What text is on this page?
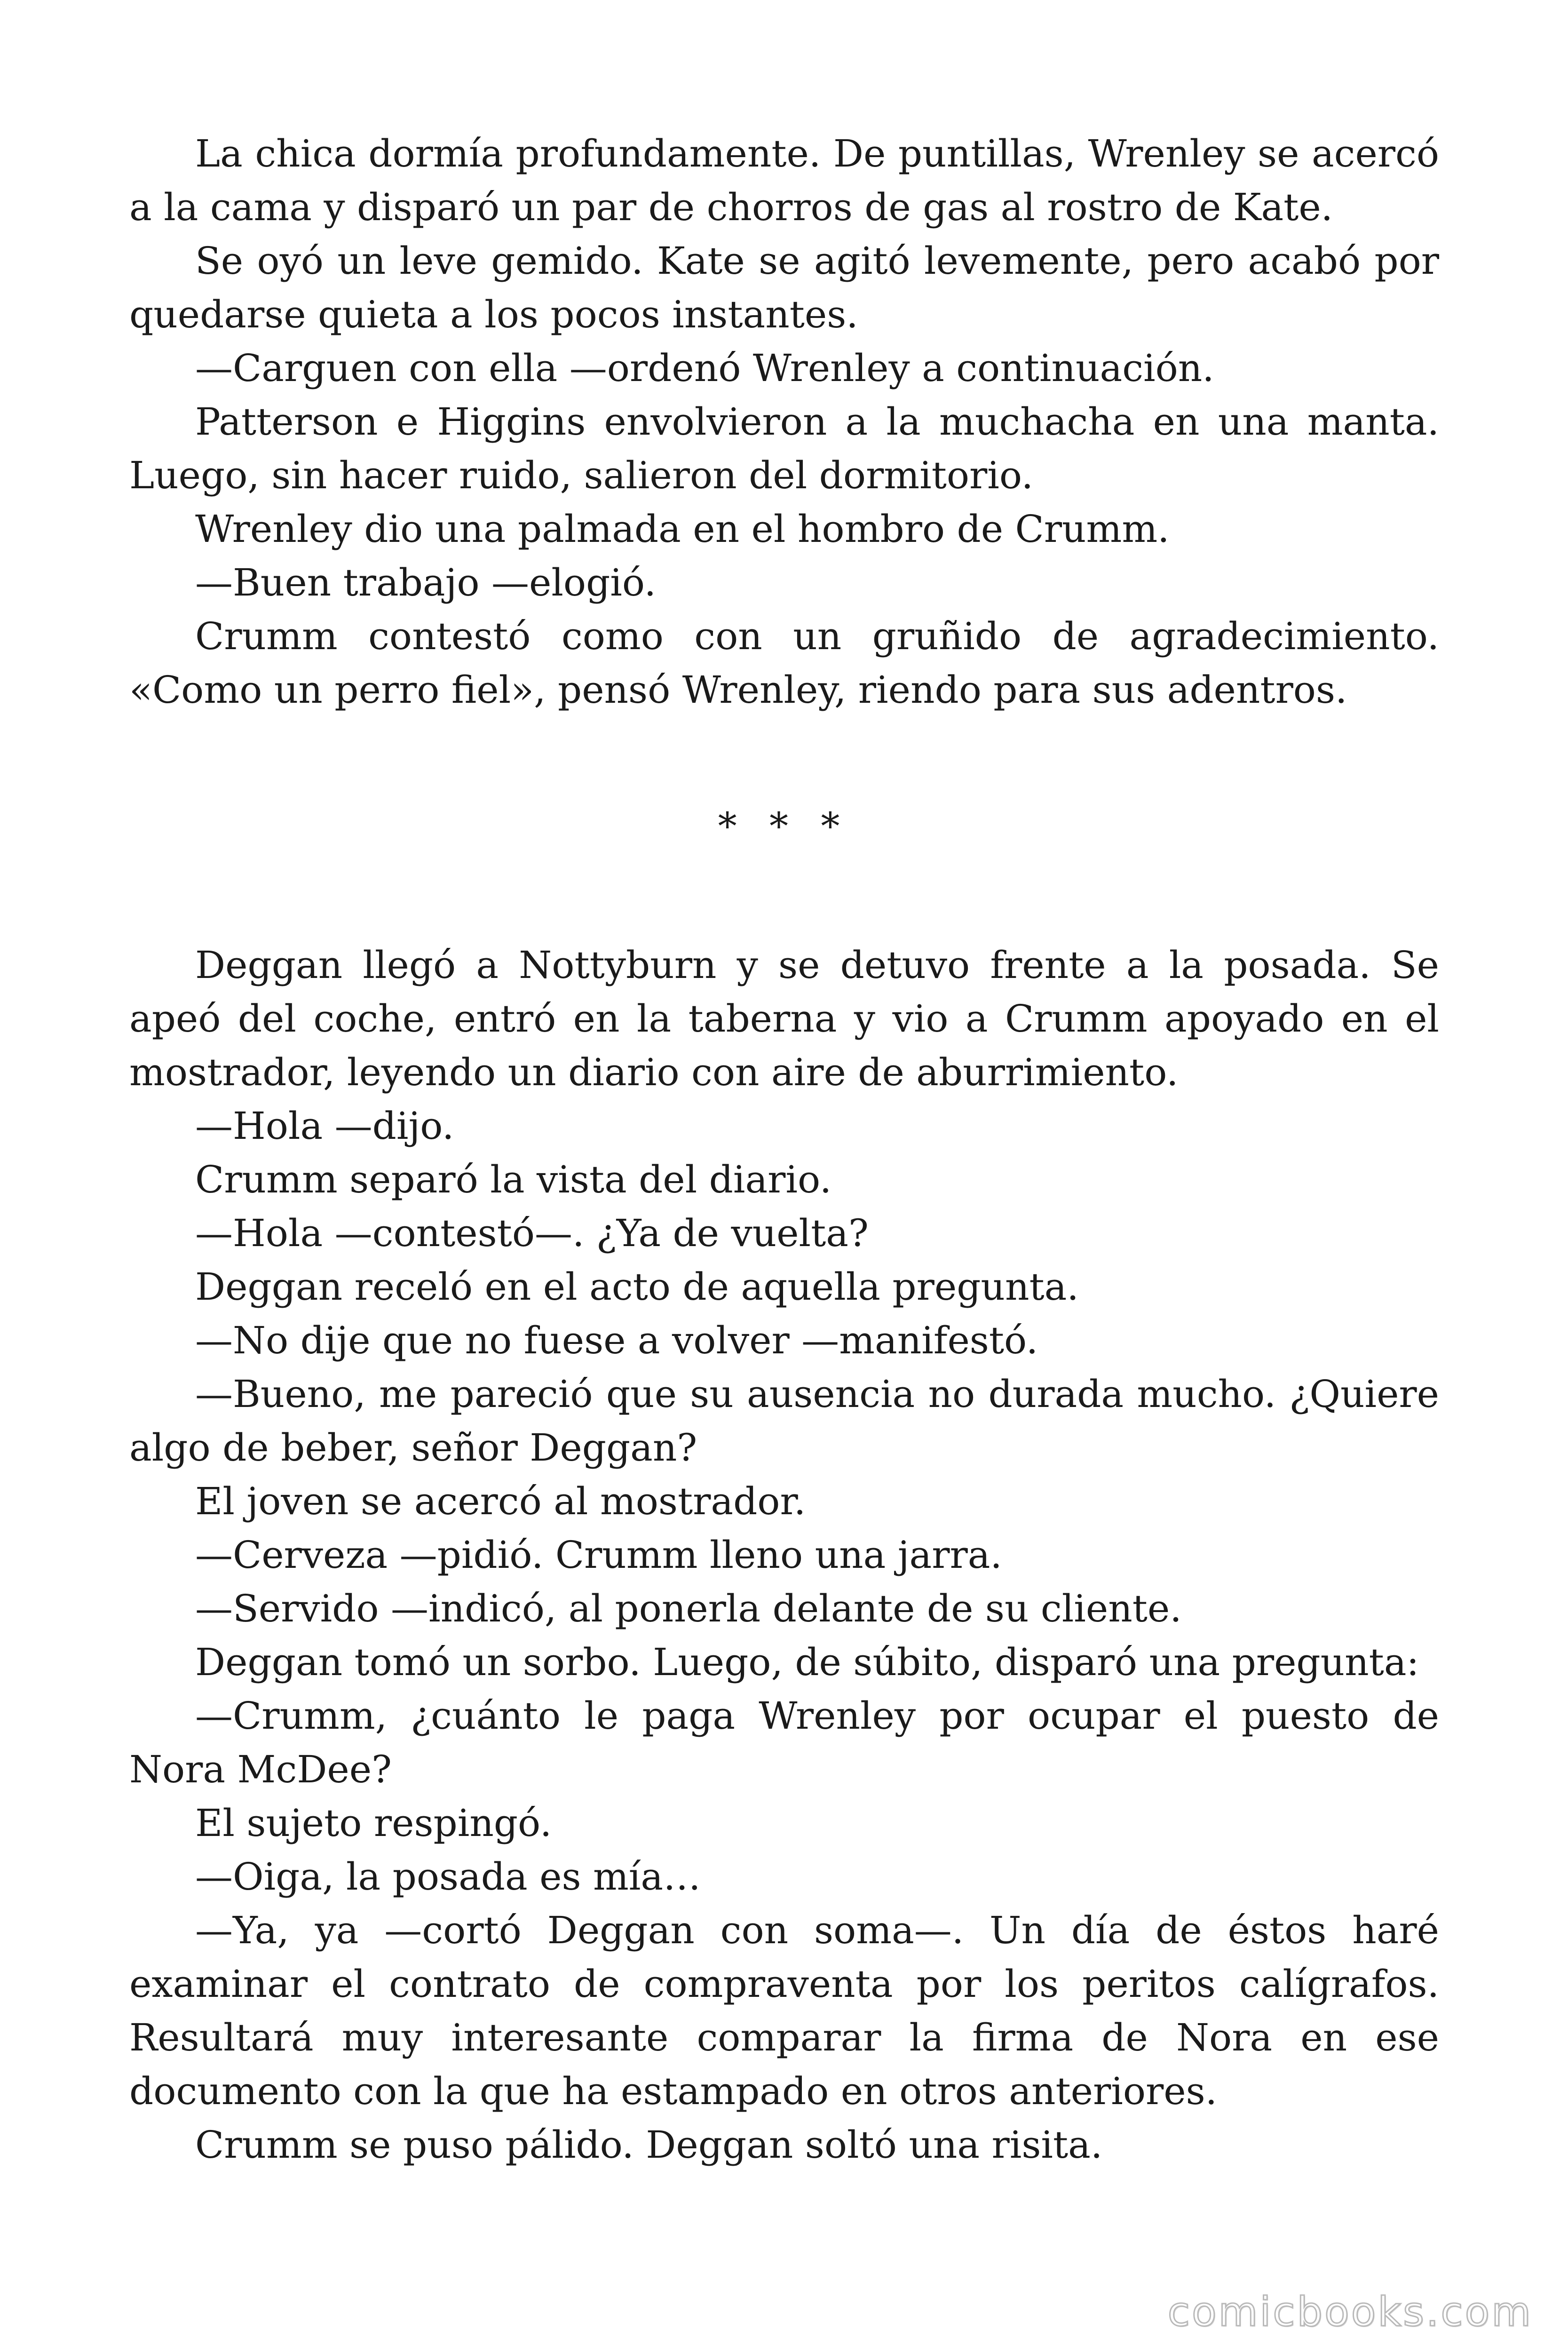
La chica dormía profundamente. De puntillas, Wrenley se acercó a la cama y disparó un par de chorros de gas al rostro de Kate.

Se oyó un leve gemido. Kate se agitó levemente, pero acabó por quedarse quieta a los pocos instantes.

—Carguen con ella —ordenó Wrenley a continuación.

Patterson e Higgins envolvieron a la muchacha en una manta. Luego, sin hacer ruido, salieron del dormitorio.

Wrenley dio una palmada en el hombro de Crumm.

—Buen trabajo —elogió.

Crumm contestó como con un gruñido de agradecimiento. «Como un perro fiel», pensó Wrenley, riendo para sus adentros.

* * *

Deggan llegó a Nottyburn y se detuvo frente a la posada. Se apeó del coche, entró en la taberna y vio a Crumm apoyado en el mostrador, leyendo un diario con aire de aburrimiento.

—Hola —dijo.

Crumm separó la vista del diario.

—Hola —contestó—. ¿Ya de vuelta?

Deggan receló en el acto de aquella pregunta.

—No dije que no fuese a volver —manifestó.

—Bueno, me pareció que su ausencia no durada mucho. ¿Quiere algo de beber, señor Deggan?

El joven se acercó al mostrador.

—Cerveza —pidió. Crumm lleno una jarra.

—Servido —indicó, al ponerla delante de su cliente.

Deggan tomó un sorbo. Luego, de súbito, disparó una pregunta:

—Crumm, ¿cuánto le paga Wrenley por ocupar el puesto de Nora McDee?

El sujeto respingó.

—Oiga, la posada es mía…

—Ya, ya —cortó Deggan con soma—. Un día de éstos haré examinar el contrato de compraventa por los peritos calígrafos. Resultará muy interesante comparar la firma de Nora en ese documento con la que ha estampado en otros anteriores.

Crumm se puso pálido. Deggan soltó una risita.

comicbooks.com
